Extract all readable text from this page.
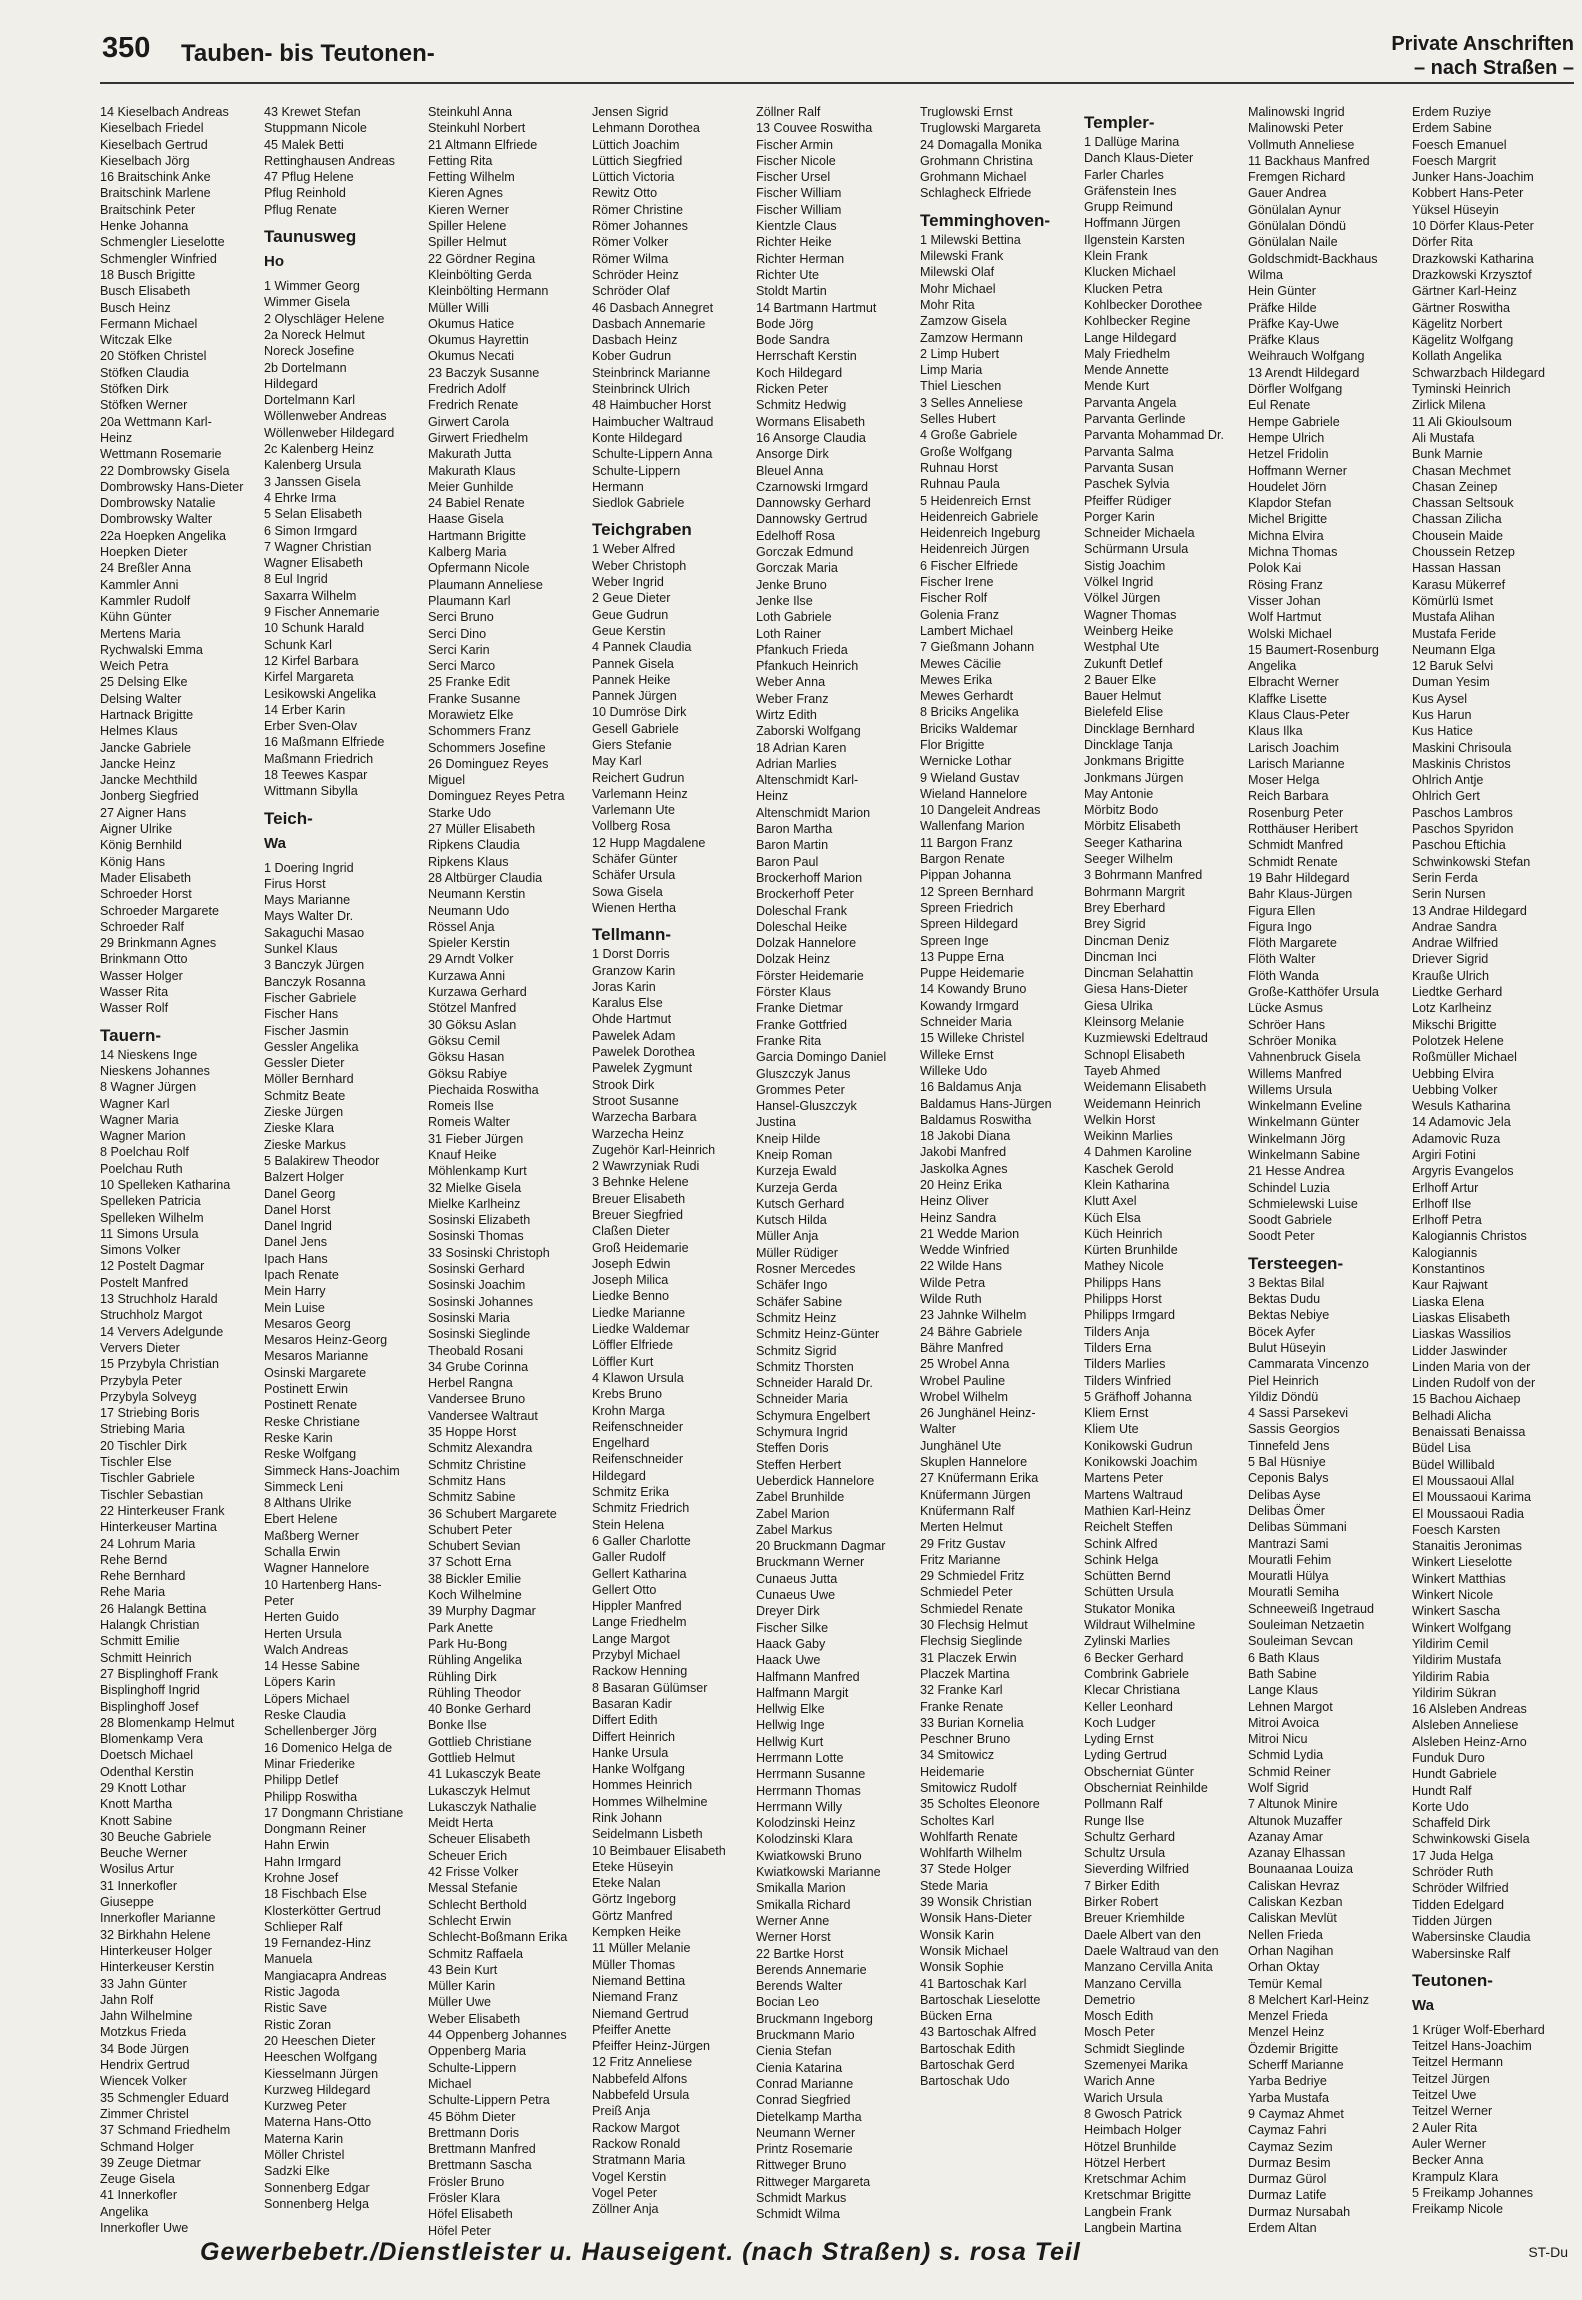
350 Tauben- bis Teutonen-	Private Anschriften
– nach Straßen –
14 Kieselbach Andreas
Kieselbach Friedel
Kieselbach Gertrud
Kieselbach Jörg
16 Braitschink Anke
Braitschink Marlene
Braitschink Peter
Henke Johanna
Schmengler Lieselotte
Schmengler Winfried
18 Busch Brigitte
Busch Elisabeth
Busch Heinz
Fermann Michael
Witczak Elke
20 Stöfken Christel
Stöfken Claudia
Stöfken Dirk
Stöfken Werner
20a Wettmann Karl-
Heinz
Wettmann Rosemarie
22 Dombrowsky Gisela
Dombrowsky Hans-Dieter
Dombrowsky Natalie
Dombrowsky Walter
22a Hoepken Angelika
Hoepken Dieter
24 Breßler Anna
Kammler Anni
Kammler Rudolf
Kühn Günter
Mertens Maria
Rychwalski Emma
Weich Petra
25 Delsing Elke
Delsing Walter
Hartnack Brigitte
Helmes Klaus
Jancke Gabriele
Jancke Heinz
Jancke Mechthild
Jonberg Siegfried
27 Aigner Hans
Aigner Ulrike
König Bernhild
König Hans
Mader Elisabeth
Schroeder Horst
Schroeder Margarete
Schroeder Ralf
29 Brinkmann Agnes
Brinkmann Otto
Wasser Holger
Wasser Rita
Wasser Rolf
Tauern-
14 Nieskens Inge
Nieskens Johannes
8 Wagner Jürgen
Wagner Karl
Wagner Maria
Wagner Marion
8 Poelchau Rolf
Poelchau Ruth
10 Spelleken Katharina
Spelleken Patricia
Spelleken Wilhelm
11 Simons Ursula
Simons Volker
12 Postelt Dagmar
Postelt Manfred
13 Struchholz Harald
Struchholz Margot
14 Ververs Adelgunde
Ververs Dieter
15 Przybyla Christian
Przybyla Peter
Przybyla Solveyg
17 Striebing Boris
Striebing Maria
20 Tischler Dirk
Tischler Else
Tischler Gabriele
Tischler Sebastian
22 Hinterkeuser Frank
Hinterkeuser Martina
24 Lohrum Maria
Rehe Bernd
Rehe Bernhard
Rehe Maria
26 Halangk Bettina
Halangk Christian
Schmitt Emilie
Schmitt Heinrich
27 Bisplinghoff Frank
Bisplinghoff Ingrid
Bisplinghoff Josef
28 Blomenkamp Helmut
Blomenkamp Vera
Doetsch Michael
Odenthal Kerstin
29 Knott Lothar
Knott Martha
Knott Sabine
30 Beuche Gabriele
Beuche Werner
Wosilus Artur
31 Innerkofler
Giuseppe
Innerkofler Marianne
32 Birkhahn Helene
Hinterkeuser Holger
Hinterkeuser Kerstin
33 Jahn Günter
Jahn Rolf
Jahn Wilhelmine
Motzkus Frieda
34 Bode Jürgen
Hendrix Gertrud
Wiencek Volker
35 Schmengler Eduard
Zimmer Christel
37 Schmand Friedhelm
Schmand Holger
39 Zeuge Dietmar
Zeuge Gisela
41 Innerkofler
Angelika
Innerkofler Uwe
43 Krewet Stefan
Stuppmann Nicole
45 Malek Betti
Rettinghausen Andreas
47 Pflug Helene
Pflug Reinhold
Pflug Renate
Taunusweg
Ho
1 Wimmer Georg
Wimmer Gisela
2 Olyschläger Helene
2a Noreck Helmut
Noreck Josefine
2b Dortelmann
Hildegard
Dortelmann Karl
Wöllenweber Andreas
Wöllenweber Hildegard
2c Kalenberg Heinz
Kalenberg Ursula
3 Janssen Gisela
4 Ehrke Irma
5 Selan Elisabeth
6 Simon Irmgard
7 Wagner Christian
Wagner Elisabeth
8 Eul Ingrid
Saxarra Wilhelm
9 Fischer Annemarie
10 Schunk Harald
Schunk Karl
12 Kirfel Barbara
Kirfel Margareta
Lesikowski Angelika
14 Erber Karin
Erber Sven-Olav
16 Maßmann Elfriede
Maßmann Friedrich
18 Teewes Kaspar
Wittmann Sibylla
Teich-
Wa
1 Doering Ingrid
Firus Horst
Mays Marianne
Mays Walter Dr.
Sakaguchi Masao
Sunkel Klaus
3 Banczyk Jürgen
Banczyk Rosanna
Fischer Gabriele
Fischer Hans
Fischer Jasmin
Gessler Angelika
Gessler Dieter
Möller Bernhard
Schmitz Beate
Zieske Jürgen
Zieske Klara
Zieske Markus
5 Balakirew Theodor
Balzert Holger
Danel Georg
Danel Horst
Danel Ingrid
Danel Jens
Ipach Hans
Ipach Renate
Mein Harry
Mein Luise
Mesaros Georg
Mesaros Heinz-Georg
Mesaros Marianne
Osinski Margarete
Postinett Erwin
Postinett Renate
Reske Christiane
Reske Karin
Reske Wolfgang
Simmeck Hans-Joachim
Simmeck Leni
8 Althans Ulrike
Ebert Helene
Maßberg Werner
Schalla Erwin
Wagner Hannelore
10 Hartenberg Hans-
Peter
Herten Guido
Herten Ursula
Walch Andreas
14 Hesse Sabine
Löpers Karin
Löpers Michael
Reske Claudia
Schellenberger Jörg
16 Domenico Helga de
Minar Friederike
Philipp Detlef
Philipp Roswitha
17 Dongmann Christiane
Dongmann Reiner
Hahn Erwin
Hahn Irmgard
Krohne Josef
18 Fischbach Else
Klosterkötter Gertrud
Schlieper Ralf
19 Fernandez-Hinz
Manuela
Mangiacapra Andreas
Ristic Jagoda
Ristic Save
Ristic Zoran
20 Heeschen Dieter
Heeschen Wolfgang
Kiesselmann Jürgen
Kurzweg Hildegard
Kurzweg Peter
Materna Hans-Otto
Materna Karin
Möller Christel
Sadzki Elke
Sonnenberg Edgar
Sonnenberg Helga
Steinkuhl Anna
Steinkuhl Norbert
21 Altmann Elfriede
Fetting Rita
Fetting Wilhelm
Kieren Agnes
Kieren Werner
Spiller Helene
Spiller Helmut
22 Gördner Regina
Kleinbölting Gerda
Kleinbölting Hermann
Müller Willi
Okumus Hatice
Okumus Hayrettin
Okumus Necati
23 Baczyk Susanne
Fredrich Adolf
Fredrich Renate
Girwert Carola
Girwert Friedhelm
Makurath Jutta
Makurath Klaus
Meier Gunhilde
24 Babiel Renate
Haase Gisela
Hartmann Brigitte
Kalberg Maria
Opfermann Nicole
Plaumann Anneliese
Plaumann Karl
Serci Bruno
Serci Dino
Serci Karin
Serci Marco
25 Franke Edit
Franke Susanne
Morawietz Elke
Schommers Franz
Schommers Josefine
26 Dominguez Reyes
Miguel
Dominguez Reyes Petra
Starke Udo
27 Müller Elisabeth
Ripkens Claudia
Ripkens Klaus
28 Altbürger Claudia
Neumann Kerstin
Neumann Udo
Rössel Anja
Spieler Kerstin
29 Arndt Volker
Kurzawa Anni
Kurzawa Gerhard
Stötzel Manfred
30 Göksu Aslan
Göksu Cemil
Göksu Hasan
Göksu Rabiye
Piechaida Roswitha
Romeis Ilse
Romeis Walter
31 Fieber Jürgen
Knauf Heike
Möhlenkamp Kurt
32 Mielke Gisela
Mielke Karlheinz
Sosinski Elizabeth
Sosinski Thomas
33 Sosinski Christoph
Sosinski Gerhard
Sosinski Joachim
Sosinski Johannes
Sosinski Maria
Sosinski Sieglinde
Theobald Rosani
34 Grube Corinna
Herbel Rangna
Vandersee Bruno
Vandersee Waltraut
35 Hoppe Horst
Schmitz Alexandra
Schmitz Christine
Schmitz Hans
Schmitz Sabine
36 Schubert Margarete
Schubert Peter
Schubert Sevian
37 Schott Erna
38 Bickler Emilie
Koch Wilhelmine
39 Murphy Dagmar
Park Anette
Park Hu-Bong
Rühling Angelika
Rühling Dirk
Rühling Theodor
40 Bonke Gerhard
Bonke Ilse
Gottlieb Christiane
Gottlieb Helmut
41 Lukasczyk Beate
Lukasczyk Helmut
Lukasczyk Nathalie
Meidt Herta
Scheuer Elisabeth
Scheuer Erich
42 Frisse Volker
Messal Stefanie
Schlecht Berthold
Schlecht Erwin
Schlecht-Boßmann Erika
Schmitz Raffaela
43 Bein Kurt
Müller Karin
Müller Uwe
Weber Elisabeth
44 Oppenberg Johannes
Oppenberg Maria
Schulte-Lippern
Michael
Schulte-Lippern Petra
45 Böhm Dieter
Brettmann Doris
Brettmann Manfred
Brettmann Sascha
Frösler Bruno
Frösler Klara
Höfel Elisabeth
Höfel Peter
Jensen Sigrid
Lehmann Dorothea
Lüttich Joachim
Lüttich Siegfried
Lüttich Victoria
Rewitz Otto
Römer Christine
Römer Johannes
Römer Volker
Römer Wilma
Schröder Heinz
Schröder Olaf
46 Dasbach Annegret
Dasbach Annemarie
Dasbach Heinz
Kober Gudrun
Steinbrinck Marianne
Steinbrinck Ulrich
48 Haimbucher Horst
Haimbucher Waltraud
Konte Hildegard
Schulte-Lippern Anna
Schulte-Lippern
Hermann
Siedlok Gabriele
Teichgraben
1 Weber Alfred
Weber Christoph
Weber Ingrid
2 Geue Dieter
Geue Gudrun
Geue Kerstin
4 Pannek Claudia
Pannek Gisela
Pannek Heike
Pannek Jürgen
10 Dumröse Dirk
Gesell Gabriele
Giers Stefanie
May Karl
Reichert Gudrun
Varlemann Heinz
Varlemann Ute
Vollberg Rosa
12 Hupp Magdalene
Schäfer Günter
Schäfer Ursula
Sowa Gisela
Wienen Hertha
Tellmann-
1 Dorst Dorris
Granzow Karin
Joras Karin
Karalus Else
Ohde Hartmut
Pawelek Adam
Pawelek Dorothea
Pawelek Zygmunt
Strook Dirk
Stroot Susanne
Warzecha Barbara
Warzecha Heinz
Zugehör Karl-Heinrich
2 Wawrzyniak Rudi
3 Behnke Helene
Breuer Elisabeth
Breuer Siegfried
Claßen Dieter
Groß Heidemarie
Joseph Edwin
Joseph Milica
Liedke Benno
Liedke Marianne
Liedke Waldemar
Löffler Elfriede
Löffler Kurt
4 Klawon Ursula
Krebs Bruno
Krohn Marga
Reifenschneider
Engelhard
Reifenschneider
Hildegard
Schmitz Erika
Schmitz Friedrich
Stein Helena
6 Galler Charlotte
Galler Rudolf
Gellert Katharina
Gellert Otto
Hippler Manfred
Lange Friedhelm
Lange Margot
Przybyl Michael
Rackow Henning
8 Basaran Gülümser
Basaran Kadir
Differt Edith
Differt Heinrich
Hanke Ursula
Hanke Wolfgang
Hommes Heinrich
Hommes Wilhelmine
Rink Johann
Seidelmann Lisbeth
10 Beimbauer Elisabeth
Eteke Hüseyin
Eteke Nalan
Görtz Ingeborg
Görtz Manfred
Kempken Heike
11 Müller Melanie
Müller Thomas
Niemand Bettina
Niemand Franz
Niemand Gertrud
Pfeiffer Anette
Pfeiffer Heinz-Jürgen
12 Fritz Anneliese
Nabbefeld Alfons
Nabbefeld Ursula
Preiß Anja
Rackow Margot
Rackow Ronald
Stratmann Maria
Vogel Kerstin
Vogel Peter
Zöllner Anja
Zöllner Ralf
13 Couvee Roswitha
Fischer Armin
Fischer Nicole
Fischer Ursel
Fischer William
Fischer William
Kientzle Claus
Richter Heike
Richter Herman
Richter Ute
Stoldt Martin
14 Bartmann Hartmut
Bode Jörg
Bode Sandra
Herrschaft Kerstin
Koch Hildegard
Ricken Peter
Schmitz Hedwig
Wormans Elisabeth
16 Ansorge Claudia
Ansorge Dirk
Bleuel Anna
Czarnowski Irmgard
Dannowsky Gerhard
Dannowsky Gertrud
Edelhoff Rosa
Gorczak Edmund
Gorczak Maria
Jenke Bruno
Jenke Ilse
Loth Gabriele
Loth Rainer
Pfankuch Frieda
Pfankuch Heinrich
Weber Anna
Weber Franz
Wirtz Edith
Zaborski Wolfgang
18 Adrian Karen
Adrian Marlies
Altenschmidt Karl-
Heinz
Altenschmidt Marion
Baron Martha
Baron Martin
Baron Paul
Brockerhoff Marion
Brockerhoff Peter
Doleschal Frank
Doleschal Heike
Dolzak Hannelore
Dolzak Heinz
Förster Heidemarie
Förster Klaus
Franke Dietmar
Franke Gottfried
Franke Rita
Garcia Domingo Daniel
Gluszczyk Janus
Grommes Peter
Hansel-Gluszczyk
Justina
Kneip Hilde
Kneip Roman
Kurzeja Ewald
Kurzeja Gerda
Kutsch Gerhard
Kutsch Hilda
Müller Anja
Müller Rüdiger
Rosner Mercedes
Schäfer Ingo
Schäfer Sabine
Schmitz Heinz
Schmitz Heinz-Günter
Schmitz Sigrid
Schmitz Thorsten
Schneider Harald Dr.
Schneider Maria
Schymura Engelbert
Schymura Ingrid
Steffen Doris
Steffen Herbert
Ueberdick Hannelore
Zabel Brunhilde
Zabel Marion
Zabel Markus
20 Bruckmann Dagmar
Bruckmann Werner
Cunaeus Jutta
Cunaeus Uwe
Dreyer Dirk
Fischer Silke
Haack Gaby
Haack Uwe
Halfmann Manfred
Halfmann Margit
Hellwig Elke
Hellwig Inge
Hellwig Kurt
Herrmann Lotte
Herrmann Susanne
Herrmann Thomas
Herrmann Willy
Kolodzinski Heinz
Kolodzinski Klara
Kwiatkowski Bruno
Kwiatkowski Marianne
Smikalla Marion
Smikalla Richard
Werner Anne
Werner Horst
22 Bartke Horst
Berends Annemarie
Berends Walter
Bocian Leo
Bruckmann Ingeborg
Bruckmann Mario
Cienia Stefan
Cienia Katarina
Conrad Marianne
Conrad Siegfried
Dietelkamp Martha
Neumann Werner
Printz Rosemarie
Rittweger Bruno
Rittweger Margareta
Schmidt Markus
Schmidt Wilma
Truglowski Ernst
Truglowski Margareta
24 Domagalla Monika
Grohmann Christina
Grohmann Michael
Schlagheck Elfriede
Temminghoven-
1 Milewski Bettina
Milewski Frank
Milewski Olaf
Mohr Michael
Mohr Rita
Zamzow Gisela
Zamzow Hermann
2 Limp Hubert
Limp Maria
Thiel Lieschen
3 Selles Anneliese
Selles Hubert
4 Große Gabriele
Große Wolfgang
Ruhnau Horst
Ruhnau Paula
5 Heidenreich Ernst
Heidenreich Gabriele
Heidenreich Ingeburg
Heidenreich Jürgen
6 Fischer Elfriede
Fischer Irene
Fischer Rolf
Golenia Franz
Lambert Michael
7 Gießmann Johann
Mewes Cäcilie
Mewes Erika
Mewes Gerhardt
8 Briciks Angelika
Briciks Waldemar
Flor Brigitte
Wernicke Lothar
9 Wieland Gustav
Wieland Hannelore
10 Dangeleit Andreas
Wallenfang Marion
11 Bargon Franz
Bargon Renate
Pippan Johanna
12 Spreen Bernhard
Spreen Friedrich
Spreen Hildegard
Spreen Inge
13 Puppe Erna
Puppe Heidemarie
14 Kowandy Bruno
Kowandy Irmgard
Schneider Maria
15 Willeke Christel
Willeke Ernst
Willeke Udo
16 Baldamus Anja
Baldamus Hans-Jürgen
Baldamus Roswitha
18 Jakobi Diana
Jakobi Manfred
Jaskolka Agnes
20 Heinz Erika
Heinz Oliver
Heinz Sandra
21 Wedde Marion
Wedde Winfried
22 Wilde Hans
Wilde Petra
Wilde Ruth
23 Jahnke Wilhelm
24 Bähre Gabriele
Bähre Manfred
25 Wrobel Anna
Wrobel Pauline
Wrobel Wilhelm
26 Junghänel Heinz-
Walter
Junghänel Ute
Skuplen Hannelore
27 Knüfermann Erika
Knüfermann Jürgen
Knüfermann Ralf
Merten Helmut
29 Fritz Gustav
Fritz Marianne
29 Schmiedel Fritz
Schmiedel Peter
Schmiedel Renate
30 Flechsig Helmut
Flechsig Sieglinde
31 Placzek Erwin
Placzek Martina
32 Franke Karl
Franke Renate
33 Burian Kornelia
Peschner Bruno
34 Smitowicz
Heidemarie
Smitowicz Rudolf
35 Scholtes Eleonore
Scholtes Karl
Wohlfarth Renate
Wohlfarth Wilhelm
37 Stede Holger
Stede Maria
39 Wonsik Christian
Wonsik Hans-Dieter
Wonsik Karin
Wonsik Michael
Wonsik Sophie
41 Bartoschak Karl
Bartoschak Lieselotte
Bücken Erna
43 Bartoschak Alfred
Bartoschak Edith
Bartoschak Gerd
Bartoschak Udo
Templer-
1 Dallüge Marina
Danch Klaus-Dieter
Farler Charles
Gräfenstein Ines
Grupp Reimund
Hoffmann Jürgen
Ilgenstein Karsten
Klein Frank
Klucken Michael
Klucken Petra
Kohlbecker Dorothee
Kohlbecker Regine
Lange Hildegard
Maly Friedhelm
Mende Annette
Mende Kurt
Parvanta Angela
Parvanta Gerlinde
Parvanta Mohammad Dr.
Parvanta Salma
Parvanta Susan
Paschek Sylvia
Pfeiffer Rüdiger
Porger Karin
Schneider Michaela
Schürmann Ursula
Sistig Joachim
Völkel Ingrid
Völkel Jürgen
Wagner Thomas
Weinberg Heike
Westphal Ute
Zukunft Detlef
2 Bauer Elke
Bauer Helmut
Bielefeld Elise
Dincklage Bernhard
Dincklage Tanja
Jonkmans Brigitte
Jonkmans Jürgen
May Antonie
Mörbitz Bodo
Mörbitz Elisabeth
Seeger Katharina
Seeger Wilhelm
3 Bohrmann Manfred
Bohrmann Margrit
Brey Eberhard
Brey Sigrid
Dincman Deniz
Dincman Inci
Dincman Selahattin
Giesa Hans-Dieter
Giesa Ulrika
Kleinsorg Melanie
Kuzmiewski Edeltraud
Schnopl Elisabeth
Tayeb Ahmed
Weidemann Elisabeth
Weidemann Heinrich
Welkin Horst
Weikinn Marlies
4 Dahmen Karoline
Kaschek Gerold
Klein Katharina
Klutt Axel
Küch Elsa
Küch Heinrich
Kürten Brunhilde
Mathey Nicole
Philipps Hans
Philipps Horst
Philipps Irmgard
Tilders Anja
Tilders Erna
Tilders Marlies
Tilders Winfried
5 Gräfhoff Johanna
Kliem Ernst
Kliem Ute
Konikowski Gudrun
Konikowski Joachim
Martens Peter
Martens Waltraud
Mathien Karl-Heinz
Reichelt Steffen
Schink Alfred
Schink Helga
Schütten Bernd
Schütten Ursula
Stukator Monika
Wildraut Wilhelmine
Zylinski Marlies
6 Becker Gerhard
Combrink Gabriele
Klecar Christiana
Keller Leonhard
Koch Ludger
Lyding Ernst
Lyding Gertrud
Obscherniat Günter
Obscherniat Reinhilde
Pollmann Ralf
Runge Ilse
Schultz Gerhard
Schultz Ursula
Sieverding Wilfried
7 Birker Edith
Birker Robert
Breuer Kriemhilde
Daele Albert van den
Daele Waltraud van den
Manzano Cervilla Anita
Manzano Cervilla
Demetrio
Mosch Edith
Mosch Peter
Schmidt Sieglinde
Szemenyei Marika
Warich Anne
Warich Ursula
8 Gwosch Patrick
Heimbach Holger
Hötzel Brunhilde
Hötzel Herbert
Kretschmar Achim
Kretschmar Brigitte
Langbein Frank
Langbein Martina
Malinowski Ingrid
Malinowski Peter
Vollmuth Anneliese
11 Backhaus Manfred
Fremgen Richard
Gauer Andrea
Gönülalan Aynur
Gönülalan Döndü
Gönülalan Naile
Goldschmidt-Backhaus
Wilma
Hein Günter
Präfke Hilde
Präfke Kay-Uwe
Präfke Klaus
Weihrauch Wolfgang
13 Arendt Hildegard
Dörfler Wolfgang
Eul Renate
Hempe Gabriele
Hempe Ulrich
Hetzel Fridolin
Hoffmann Werner
Houdelet Jörn
Klapdor Stefan
Michel Brigitte
Michna Elvira
Michna Thomas
Polok Kai
Rösing Franz
Visser Johan
Wolf Hartmut
Wolski Michael
15 Baumert-Rosenburg
Angelika
Elbracht Werner
Klaffke Lisette
Klaus Claus-Peter
Klaus Ilka
Larisch Joachim
Larisch Marianne
Moser Helga
Reich Barbara
Rosenburg Peter
Rotthäuser Heribert
Schmidt Manfred
Schmidt Renate
19 Bahr Hildegard
Bahr Klaus-Jürgen
Figura Ellen
Figura Ingo
Flöth Margarete
Flöth Walter
Flöth Wanda
Große-Katthöfer Ursula
Lücke Asmus
Schröer Hans
Schröer Monika
Vahnenbruck Gisela
Willems Manfred
Willems Ursula
Winkelmann Eveline
Winkelmann Günter
Winkelmann Jörg
Winkelmann Sabine
21 Hesse Andrea
Schindel Luzia
Schmielewski Luise
Soodt Gabriele
Soodt Peter
Tersteegen-
3 Bektas Bilal
Bektas Dudu
Bektas Nebiye
Böcek Ayfer
Bulut Hüseyin
Cammarata Vincenzo
Piel Heinrich
Yildiz Döndü
4 Sassi Parsekevi
Sassis Georgios
Tinnefeld Jens
5 Bal Hüsniye
Ceponis Balys
Delibas Ayse
Delibas Ömer
Delibas Sümmani
Mantrazi Sami
Mouratli Fehim
Mouratli Hülya
Mouratli Semiha
Schneeweiß Ingetraud
Souleiman Netzaetin
Souleiman Sevcan
6 Bath Klaus
Bath Sabine
Lange Klaus
Lehnen Margot
Mitroi Avoica
Mitroi Nicu
Schmid Lydia
Schmid Reiner
Wolf Sigrid
7 Altunok Minire
Altunok Muzaffer
Azanay Amar
Azanay Elhassan
Bounaanaa Louiza
Caliskan Hevraz
Caliskan Kezban
Caliskan Mevlüt
Nellen Frieda
Orhan Nagihan
Orhan Oktay
Temür Kemal
8 Melchert Karl-Heinz
Menzel Frieda
Menzel Heinz
Özdemir Brigitte
Scherff Marianne
Yarba Bedriye
Yarba Mustafa
9 Caymaz Ahmet
Caymaz Fahri
Caymaz Sezim
Durmaz Besim
Durmaz Gürol
Durmaz Latife
Durmaz Nursabah
Erdem Altan
Erdem Ruziye
Erdem Sabine
Foesch Emanuel
Foesch Margrit
Junker Hans-Joachim
Kobbert Hans-Peter
Yüksel Hüseyin
10 Dörfer Klaus-Peter
Dörfer Rita
Drazkowski Katharina
Drazkowski Krzysztof
Gärtner Karl-Heinz
Gärtner Roswitha
Kägelitz Norbert
Kägelitz Wolfgang
Kollath Angelika
Schwarzbach Hildegard
Tyminski Heinrich
Zirlick Milena
11 Ali Gkioulsoum
Ali Mustafa
Bunk Marnie
Chasan Mechmet
Chasan Zeinep
Chassan Seltsouk
Chassan Zilicha
Chousein Maide
Choussein Retzep
Hassan Hassan
Karasu Mükerref
Kömürlü Ismet
Mustafa Alihan
Mustafa Feride
Neumann Elga
12 Baruk Selvi
Duman Yesim
Kus Aysel
Kus Harun
Kus Hatice
Maskini Chrisoula
Maskinis Christos
Ohlrich Antje
Ohlrich Gert
Paschos Lambros
Paschos Spyridon
Paschou Eftichia
Schwinkowski Stefan
Serin Ferda
Serin Nursen
13 Andrae Hildegard
Andrae Sandra
Andrae Wilfried
Driever Sigrid
Krauße Ulrich
Liedtke Gerhard
Lotz Karlheinz
Mikschi Brigitte
Polotzek Helene
Roßmüller Michael
Uebbing Elvira
Uebbing Volker
Wesuls Katharina
14 Adamovic Jela
Adamovic Ruza
Argiri Fotini
Argyris Evangelos
Erlhoff Artur
Erlhoff Ilse
Erlhoff Petra
Kalogiannis Christos
Kalogiannis
Konstantinos
Kaur Rajwant
Liaska Elena
Liaskas Elisabeth
Liaskas Wassilios
Lidder Jaswinder
Linden Maria von der
Linden Rudolf von der
15 Bachou Aichaep
Belhadi Alicha
Benaissati Benaissa
Büdel Lisa
Büdel Willibald
El Moussaoui Allal
El Moussaoui Karima
El Moussaoui Radia
Foesch Karsten
Stanaitis Jeronimas
Winkert Lieselotte
Winkert Matthias
Winkert Nicole
Winkert Sascha
Winkert Wolfgang
Yildirim Cemil
Yildirim Mustafa
Yildirim Rabia
Yildirim Sükran
16 Alsleben Andreas
Alsleben Anneliese
Alsleben Heinz-Arno
Funduk Duro
Hundt Gabriele
Hundt Ralf
Korte Udo
Schaffeld Dirk
Schwinkowski Gisela
17 Juda Helga
Schröder Ruth
Schröder Wilfried
Tidden Edelgard
Tidden Jürgen
Wabersinske Claudia
Wabersinske Ralf
Teutonen-
Wa
1 Krüger Wolf-Eberhard
Teitzel Hans-Joachim
Teitzel Hermann
Teitzel Jürgen
Teitzel Uwe
Teitzel Werner
2 Auler Rita
Auler Werner
Becker Anna
Krampulz Klara
5 Freikamp Johannes
Freikamp Nicole
Gewerbebetr./Dienstleister u. Hauseigent. (nach Straßen) s. rosa Teil	ST-Du
